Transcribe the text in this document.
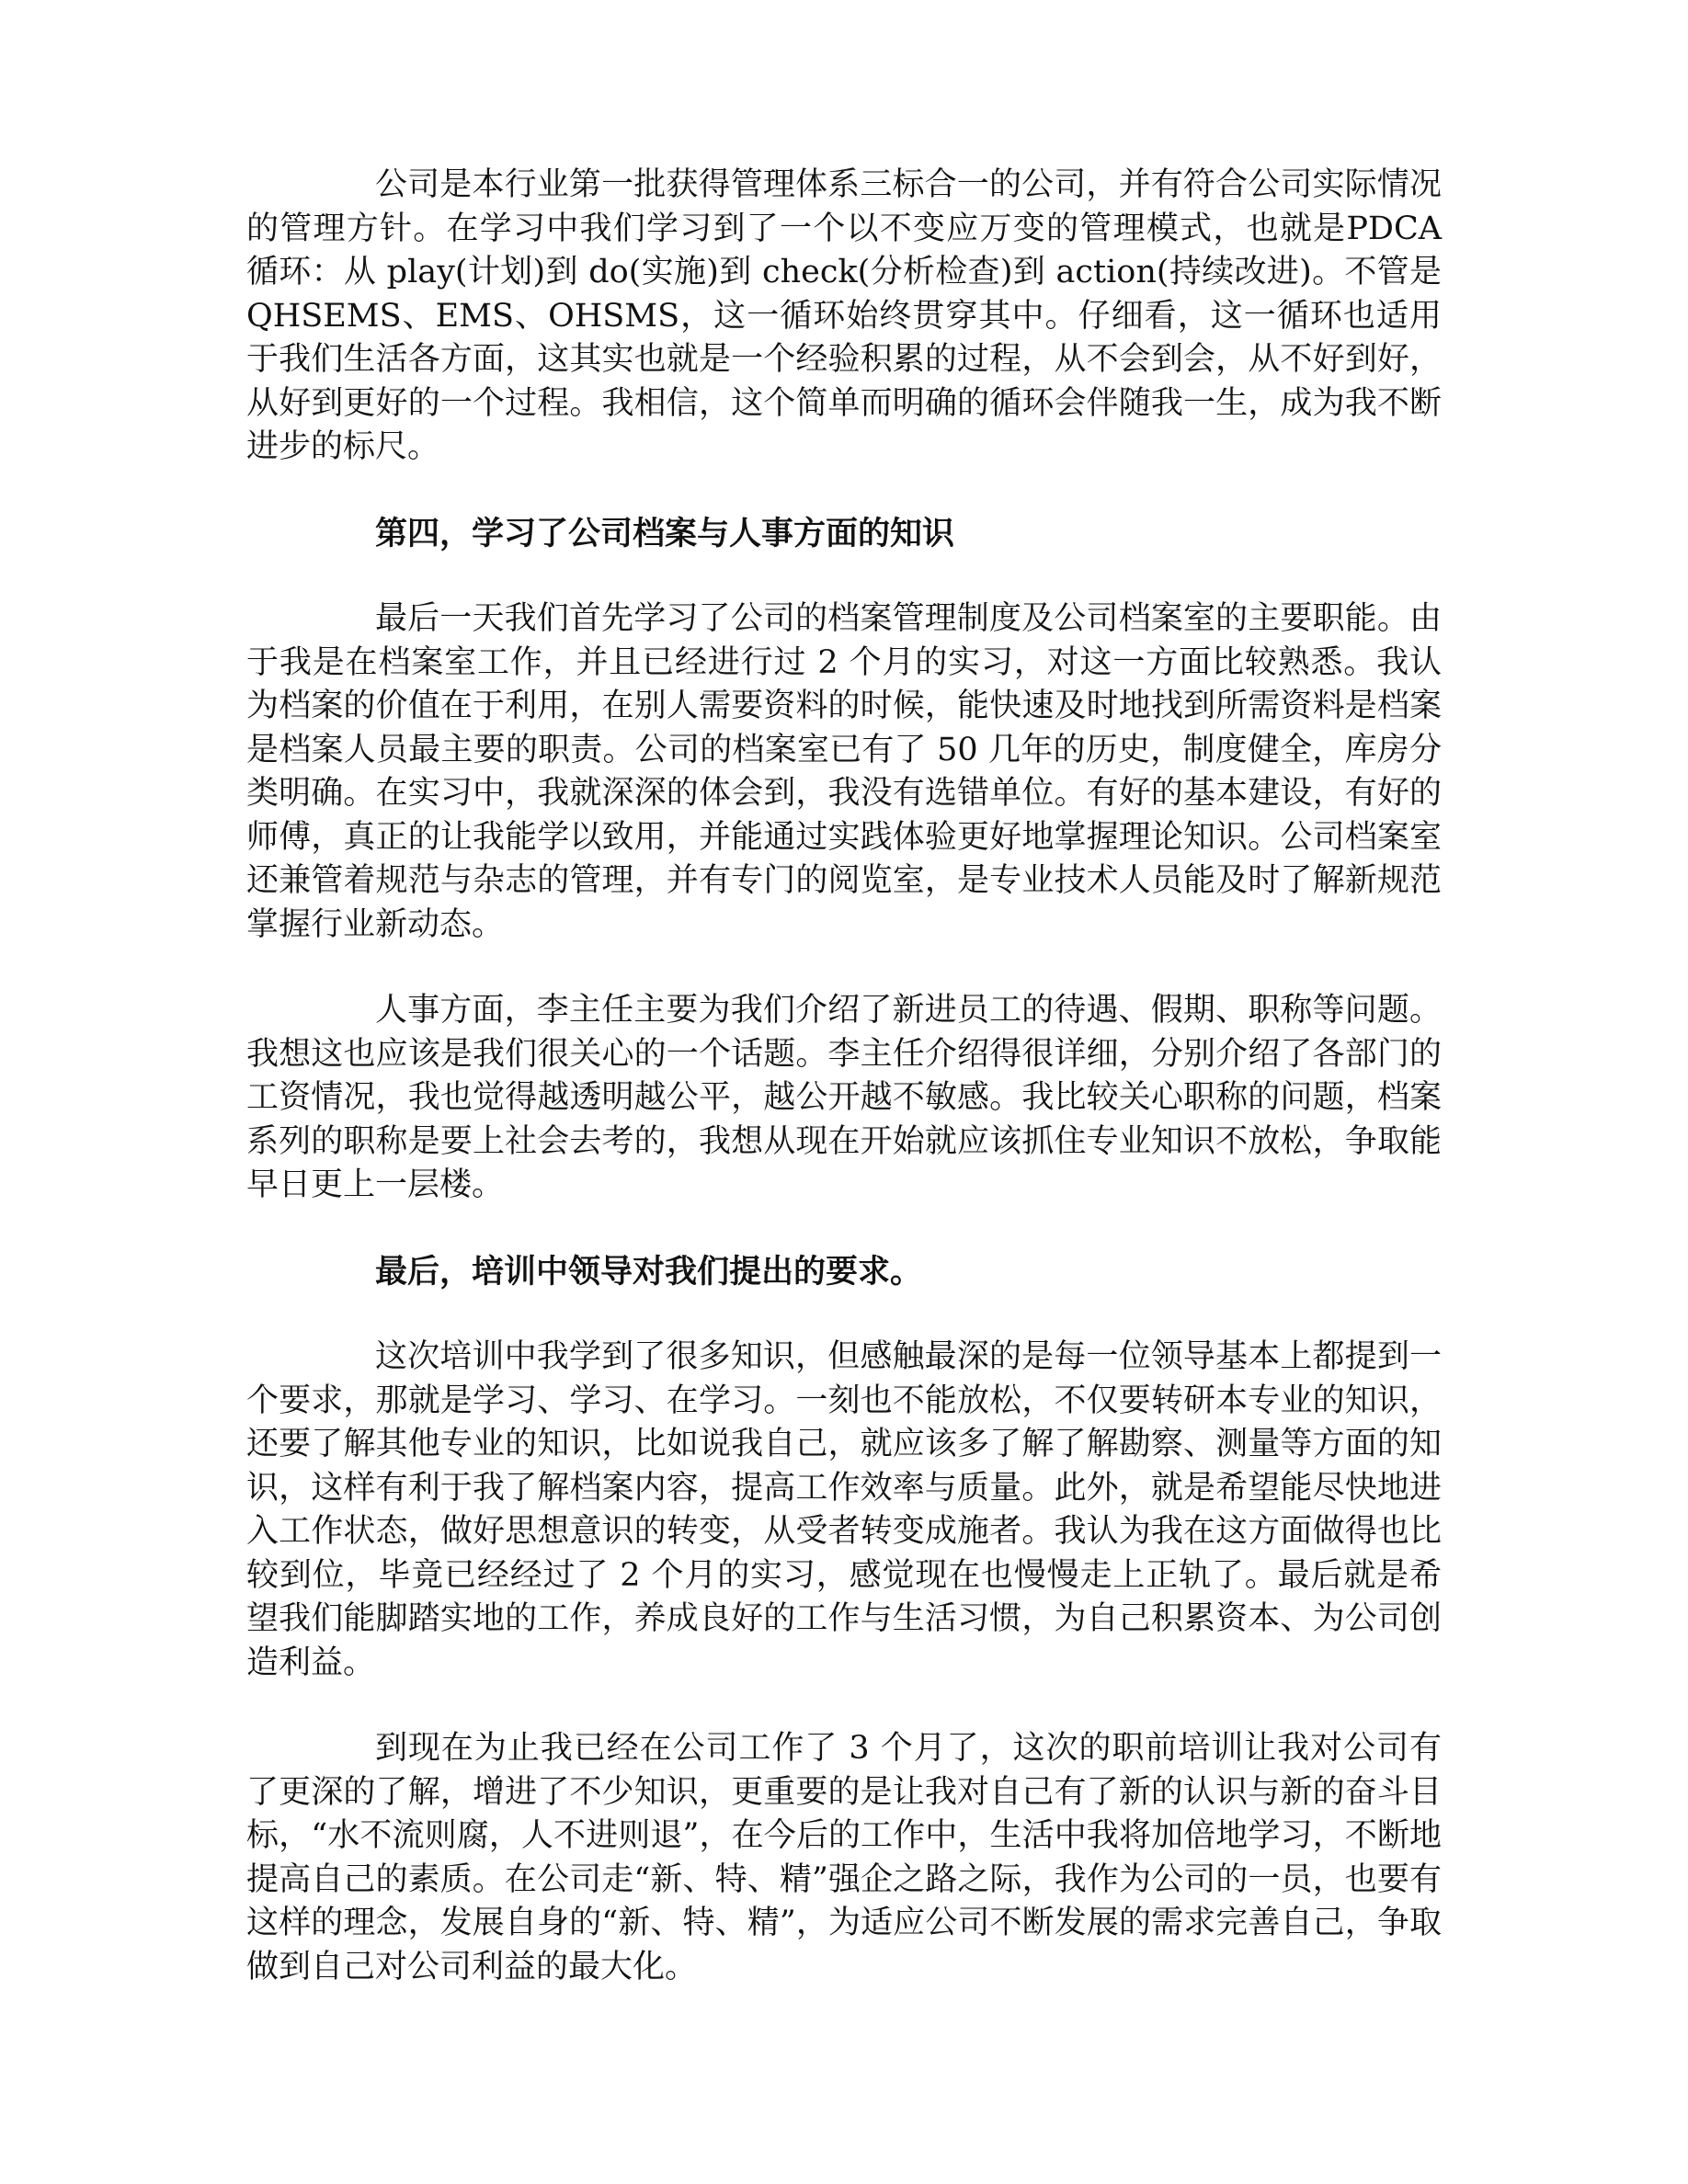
公司是本行业第一批获得管理体系三标合一的公司，并有符合公司实际情况的管理方针。在学习中我们学习到了一个以不变应万变的管理模式，也就是PDCA 循环：从 play(计划)到 do(实施)到 check(分析检查)到 action(持续改进)。不管是 QHSEMS、EMS、OHSMS，这一循环始终贯穿其中。仔细看，这一循环也适用于我们生活各方面，这其实也就是一个经验积累的过程，从不会到会，从不好到好，从好到更好的一个过程。我相信，这个简单而明确的循环会伴随我一生，成为我不断进步的标尺。

第四，学习了公司档案与人事方面的知识

最后一天我们首先学习了公司的档案管理制度及公司档案室的主要职能。由于我是在档案室工作，并且已经进行过 2 个月的实习，对这一方面比较熟悉。我认为档案的价值在于利用，在别人需要资料的时候，能快速及时地找到所需资料是档案是档案人员最主要的职责。公司的档案室已有了 50 几年的历史，制度健全，库房分类明确。在实习中，我就深深的体会到，我没有选错单位。有好的基本建设，有好的师傅，真正的让我能学以致用，并能通过实践体验更好地掌握理论知识。公司档案室还兼管着规范与杂志的管理，并有专门的阅览室，是专业技术人员能及时了解新规范掌握行业新动态。

人事方面，李主任主要为我们介绍了新进员工的待遇、假期、职称等问题。我想这也应该是我们很关心的一个话题。李主任介绍得很详细，分别介绍了各部门的工资情况，我也觉得越透明越公平，越公开越不敏感。我比较关心职称的问题，档案系列的职称是要上社会去考的，我想从现在开始就应该抓住专业知识不放松，争取能早日更上一层楼。

最后，培训中领导对我们提出的要求。

这次培训中我学到了很多知识，但感触最深的是每一位领导基本上都提到一个要求，那就是学习、学习、在学习。一刻也不能放松，不仅要转研本专业的知识，还要了解其他专业的知识，比如说我自己，就应该多了解了解勘察、测量等方面的知识，这样有利于我了解档案内容，提高工作效率与质量。此外，就是希望能尽快地进入工作状态，做好思想意识的转变，从受者转变成施者。我认为我在这方面做得也比较到位，毕竟已经经过了 2 个月的实习，感觉现在也慢慢走上正轨了。最后就是希望我们能脚踏实地的工作，养成良好的工作与生活习惯，为自己积累资本、为公司创造利益。

到现在为止我已经在公司工作了 3 个月了，这次的职前培训让我对公司有了更深的了解，增进了不少知识，更重要的是让我对自己有了新的认识与新的奋斗目标，“水不流则腐，人不进则退”，在今后的工作中，生活中我将加倍地学习，不断地提高自己的素质。在公司走“新、特、精”强企之路之际，我作为公司的一员，也要有这样的理念，发展自身的“新、特、精”，为适应公司不断发展的需求完善自己，争取做到自己对公司利益的最大化。
